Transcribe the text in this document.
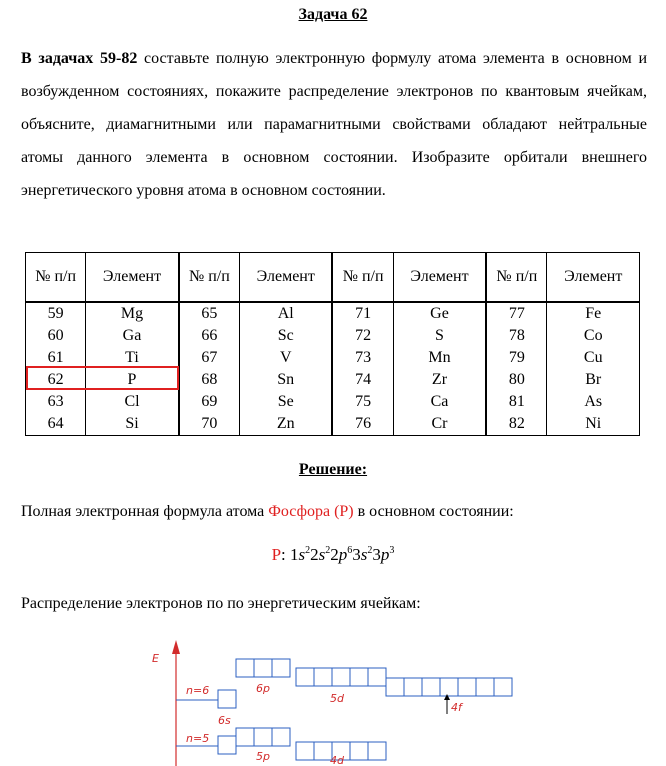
Задача 62

В задачах 59-82 составьте полную электронную формулу атома элемента в основном и возбужденном состояниях, покажите распределение электронов по квантовым ячейкам, объясните, диамагнитными или парамагнитными свойствами обладают нейтральные атомы данного элемента в основном состоянии. Изобразите орбитали внешнего энергетического уровня атома в основном состоянии.

№ п/п	Элемент	№ п/п	Элемент	№ п/п	Элемент	№ п/п	Элемент
59	Mg	65	Al	71	Ge	77	Fe
60	Ga	66	Sc	72	S	78	Co
61	Ti	67	V	73	Mn	79	Cu
62	P	68	Sn	74	Zr	80	Br
63	Cl	69	Se	75	Ca	81	As
64	Si	70	Zn	76	Cr	82	Ni
Решение:
Полная электронная формула атома Фосфора (P) в основном состоянии:
P: $1s^22s^22p^63s^23p^3$
Распределение электронов по по энергетическим ячейкам:
E
n=6
6s
6p
5d
4f
n=5
5p	4d
